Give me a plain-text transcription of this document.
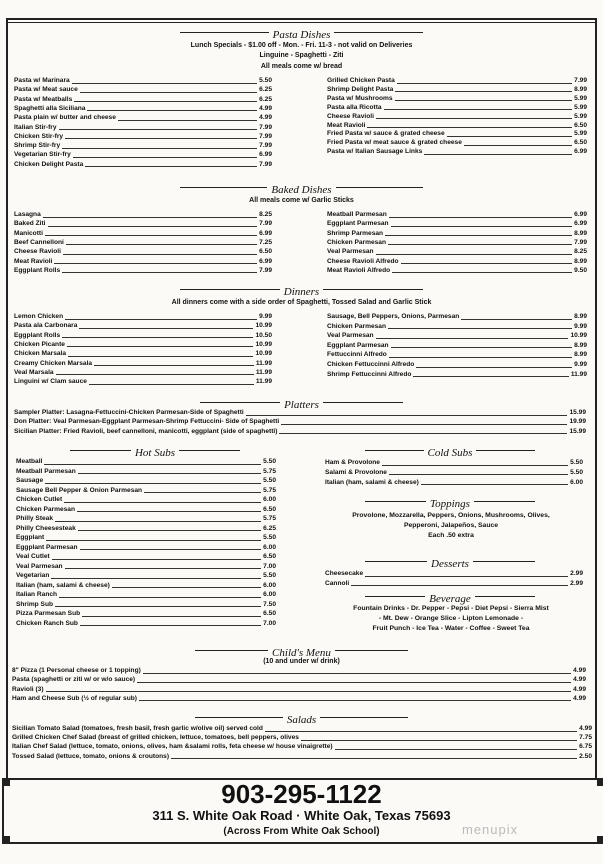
Pasta Dishes
Lunch Specials - $1.00 off - Mon. - Fri. 11-3 - not valid on Deliveries
Linguine - Spaghetti - Ziti
All meals come w/ bread
Baked Dishes
All meals come w/ Garlic Sticks
Dinners
All dinners come with a side order of Spaghetti, Tossed Salad and Garlic Stick
Platters
Hot Subs	Cold Subs
Toppings
Provolone, Mozzarella, Peppers, Onions, Mushrooms, Olives,
Pepperoni, Jalapeños, Sauce
Each .50 extra
Desserts
Beverage
Fountain Drinks - Dr. Pepper - Pepsi - Diet Pepsi - Sierra Mist
- Mt. Dew - Orange Slice - Lipton Lemonade -
Fruit Punch - Ice Tea - Water - Coffee - Sweet Tea
Child's Menu
(10 and under w/ drink)
Salads
903-295-1122
311 S. White Oak Road · White Oak, Texas 75693
(Across From White Oak School)	menupix
Pasta w/ Marinara	5.50
Pasta w/ Meat sauce	6.25
Pasta w/ Meatballs	6.25
Spaghetti alla Siciliana	4.99
Pasta plain w/ butter and cheese	4.99
Italian Stir-fry	7.99
Chicken Stir-fry	7.99
Shrimp Stir-fry	7.99
Vegetarian Stir-fry	6.99
Chicken Delight Pasta	7.99
Grilled Chicken Pasta	7.99
Shrimp Delight Pasta	8.99
Pasta w/ Mushrooms	5.99
Pasta alla Ricotta	5.99
Cheese Ravioli	5.99
Meat Ravioli	6.50
Fried Pasta w/ sauce & grated cheese	5.99
Fried Pasta w/ meat sauce & grated cheese	6.50
Pasta w/ Italian Sausage Links	6.99
Lasagna	8.25
Baked Ziti	7.99
Manicotti	6.99
Beef Cannelloni	7.25
Cheese Ravioli	6.50
Meat Ravioli	6.99
Eggplant Rolls	7.99
Meatball Parmesan	6.99
Eggplant Parmesan	6.99
Shrimp Parmesan	8.99
Chicken Parmesan	7.99
Veal Parmesan	8.25
Cheese Ravioli Alfredo	8.99
Meat Ravioli Alfredo	9.50
Lemon Chicken	9.99
Pasta ala Carbonara	10.99
Eggplant Rolls	10.50
Chicken Picante	10.99
Chicken Marsala	10.99
Creamy Chicken Marsala	11.99
Veal Marsala	11.99
Linguini w/ Clam sauce	11.99
Sausage, Bell Peppers, Onions, Parmesan	8.99
Chicken Parmesan	9.99
Veal Parmesan	10.99
Eggplant Parmesan	8.99
Fettuccinni Alfredo	8.99
Chicken Fettuccinni Alfredo	9.99
Shrimp Fettuccinni Alfredo	11.99
Sampler Platter: Lasagna-Fettuccini-Chicken Parmesan-Side of Spaghetti	15.99
Don Platter: Veal Parmesan-Eggplant Parmesan-Shrimp Fettuccini- Side of Spaghetti	19.99
Sicilian Platter: Fried Ravioli, beef cannelloni, manicotti, eggplant (side of spaghetti)	15.99
Meatball	5.50
Meatball Parmesan	5.75
Sausage	5.50
Sausage Bell Pepper & Onion Parmesan	5.75
Chicken Cutlet	6.00
Chicken Parmesan	6.50
Philly Steak	5.75
Philly Cheesesteak	6.25
Eggplant	5.50
Eggplant Parmesan	6.00
Veal Cutlet	6.50
Veal Parmesan	7.00
Vegetarian	5.50
Italian (ham, salami & cheese)	6.00
Italian Ranch	6.00
Shrimp Sub	7.50
Pizza Parmesan Sub	6.50
Chicken Ranch Sub	7.00
Ham & Provolone	5.50
Salami & Provolone	5.50
Italian (ham, salami & cheese)	6.00
Cheesecake	2.99
Cannoli	2.99
8" Pizza (1 Personal cheese or 1 topping)	4.99
Pasta (spaghetti or ziti w/ or w/o sauce)	4.99
Ravioli (3)	4.99
Ham and Cheese Sub (½ of regular sub)	4.99
Sicilian Tomato Salad (tomatoes, fresh basil, fresh garlic w/olive oil) served cold	4.99
Grilled Chicken Chef Salad (breast of grilled chicken, lettuce, tomatoes, bell peppers, olives	7.75
Italian Chef Salad (lettuce, tomato, onions, olives, ham &salami rolls, feta cheese w/ house vinaigrette)	6.75
Tossed Salad (lettuce, tomato, onions & croutons)	2.50
